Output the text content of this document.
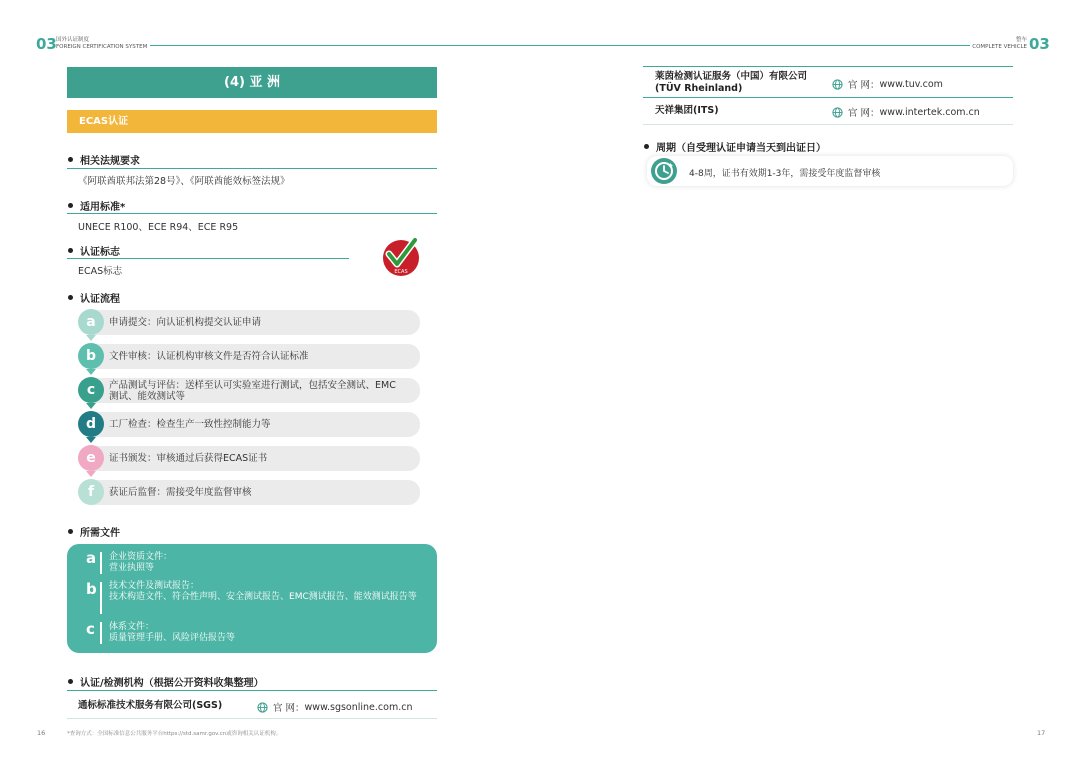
03 国外认证制度
FOREIGN CERTIFICATION SYSTEM
整车
COMPLETE VEHICLE 03
(4) 亚 洲
ECAS认证
相关法规要求
《阿联酋联邦法第28号》、《阿联酋能效标签法规》
适用标准*
UNECE R100、ECE R94、ECE R95
认证标志
ECAS标志	ECAS
认证流程
申请提交：向认证机构提交认证申请
a
文件审核：认证机构审核文件是否符合认证标准
b
产品测试与评估：送样至认可实验室进行测试，包括安全测试、EMC测试、能效测试等
c
工厂检查：检查生产一致性控制能力等
d
证书颁发：审核通过后获得ECAS证书
e
获证后监督：需接受年度监督审核
f
所需文件
a 企业资质文件：
营业执照等
b 技术文件及测试报告：
技术构造文件、符合性声明、安全测试报告、EMC测试报告、能效测试报告等
c 体系文件：
质量管理手册、风险评估报告等
认证/检测机构（根据公开资料收集整理）
通标标准技术服务有限公司(SGS)	官 网： www.sgsonline.com.cn
16	*查询方式：全国标准信息公共服务平台https://std.samr.gov.cn或咨询相关认证机构。
莱茵检测认证服务（中国）有限公司 (TÜV Rheinland)	官 网： www.tuv.com
天祥集团(ITS)	官 网： www.intertek.com.cn
周期（自受理认证申请当天到出证日）
4-8周，证书有效期1-3年，需接受年度监督审核
17
